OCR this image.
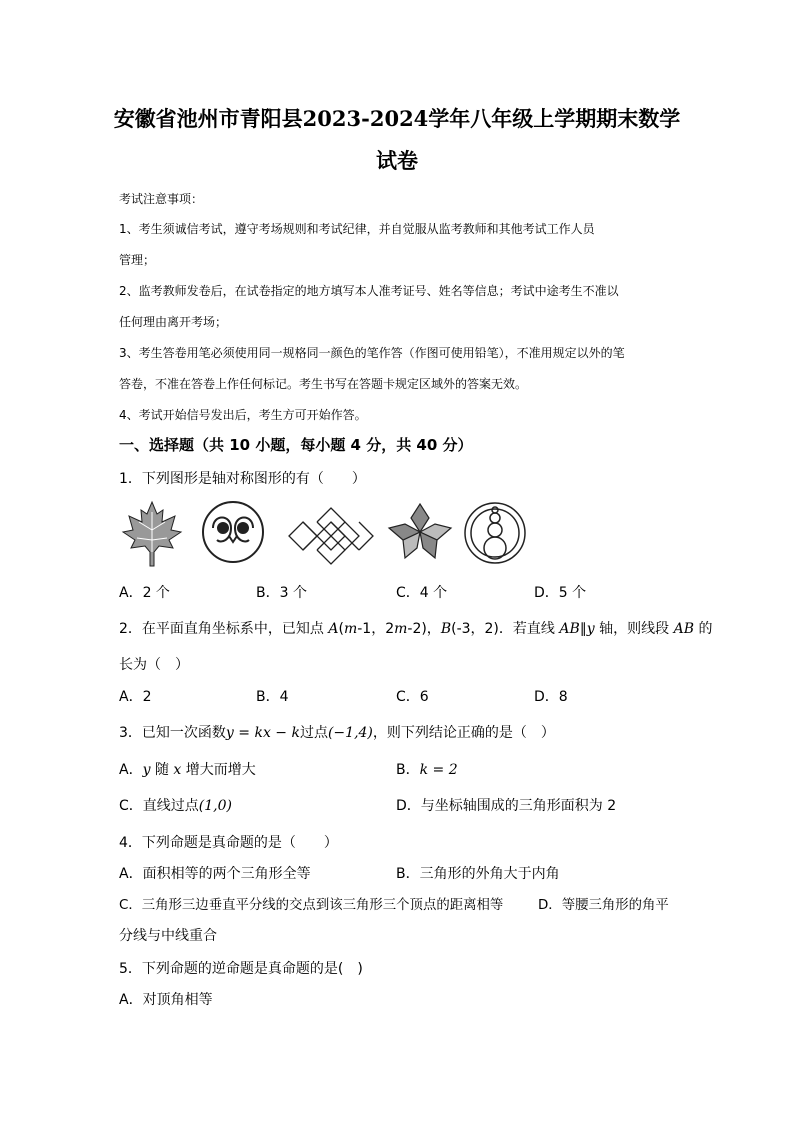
安徽省池州市青阳县2023-2024学年八年级上学期期末数学
试卷
考试注意事项：
1、考生须诚信考试，遵守考场规则和考试纪律，并自觉服从监考教师和其他考试工作人员
管理；
2、监考教师发卷后，在试卷指定的地方填写本人准考证号、姓名等信息；考试中途考生不准以
任何理由离开考场；
3、考生答卷用笔必须使用同一规格同一颜色的笔作答（作图可使用铅笔），不准用规定以外的笔
答卷，不准在答卷上作任何标记。考生书写在答题卡规定区域外的答案无效。
4、考试开始信号发出后，考生方可开始作答。
一、选择题（共 10 小题，每小题 4 分，共 40 分）
1．下列图形是轴对称图形的有（　　）
A．2 个	B．3 个	C．4 个	D．5 个
2．在平面直角坐标系中，已知点 A(m-1，2m-2)，B(-3，2)．若直线 AB∥y 轴，则线段 AB 的
长为（　）
A．2	B．4	C．6	D．8
3．已知一次函数y = kx − k过点(−1,4)，则下列结论正确的是（　）
A．y 随 x 增大而增大	B．k = 2
C．直线过点(1,0)	D．与坐标轴围成的三角形面积为 2
4．下列命题是真命题的是（　　）
A．面积相等的两个三角形全等	B．三角形的外角大于内角
C．三角形三边垂直平分线的交点到该三角形三个顶点的距离相等	D．等腰三角形的角平
分线与中线重合
5．下列命题的逆命题是真命题的是(　)
A．对顶角相等
